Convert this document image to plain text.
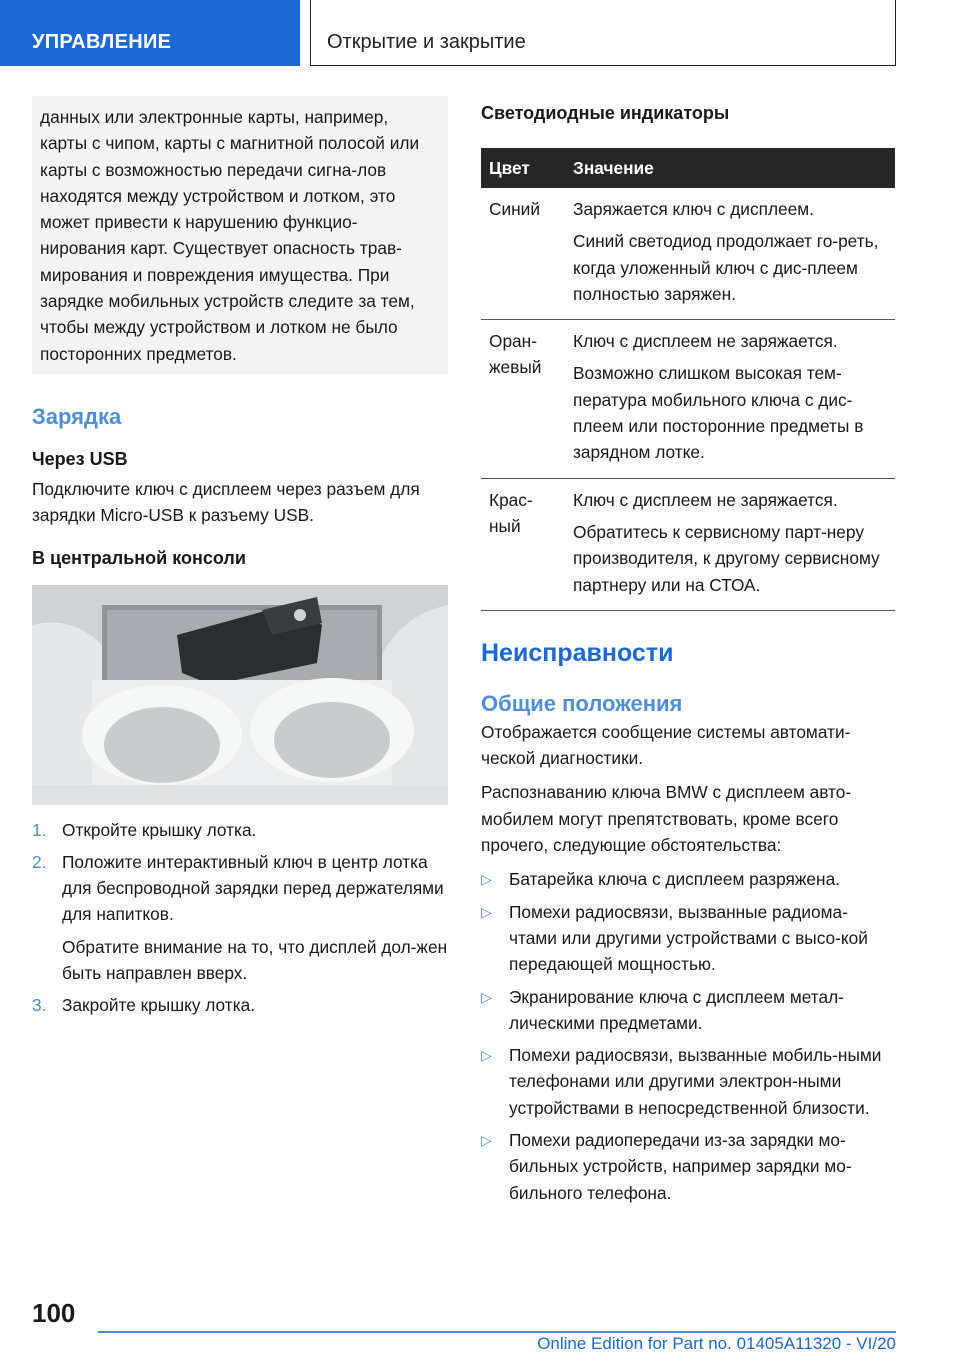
УПРАВЛЕНИЕ	Открытие и закрытие

данных или электронные карты, например, карты с чипом, карты с магнитной полосой или карты с возможностью передачи сигна-лов находятся между устройством и лотком, это может привести к нарушению функцио-нирования карт. Существует опасность трав-мирования и повреждения имущества. При зарядке мобильных устройств следите за тем, чтобы между устройством и лотком не было посторонних предметов.

Зарядка
Через USB

Подключите ключ с дисплеем через разъем для зарядки Micro-USB к разъему USB.

В центральной консоли
1. Откройте крышку лотка.
2. Положите интерактивный ключ в центр лотка для беспроводной зарядки перед держателями для напитков.

Обратите внимание на то, что дисплей дол-жен быть направлен вверх.

3. Закройте крышку лотка.
Светодиодные индикаторы
Цвет	Значение
Синий	Заряжается ключ с дисплеем.

Синий светодиод продолжает го-реть, когда уложенный ключ с дис-плеем полностью заряжен.

Оран-жевый	Ключ с дисплеем не заряжается.

Возможно слишком высокая тем-пература мобильного ключа с дис-плеем или посторонние предметы в зарядном лотке.

Крас-ный	Ключ с дисплеем не заряжается.

Обратитесь к сервисному парт-неру производителя, к другому сервисному партнеру или на СТОА.

Неисправности
Общие положения

Отображается сообщение системы автомати-ческой диагностики.

Распознаванию ключа BMW с дисплеем авто-мобилем могут препятствовать, кроме всего прочего, следующие обстоятельства:

▷ Батарейка ключа с дисплеем разряжена.
▷ Помехи радиосвязи, вызванные радиома-чтами или другими устройствами с высо-кой передающей мощностью.
▷ Экранирование ключа с дисплеем метал-лическими предметами.
▷ Помехи радиосвязи, вызванные мобиль-ными телефонами или другими электрон-ными устройствами в непосредственной близости.
▷ Помехи радиопередачи из-за зарядки мо-бильных устройств, например зарядки мо-бильного телефона.
100
Online Edition for Part no. 01405A11320 - VI/20
